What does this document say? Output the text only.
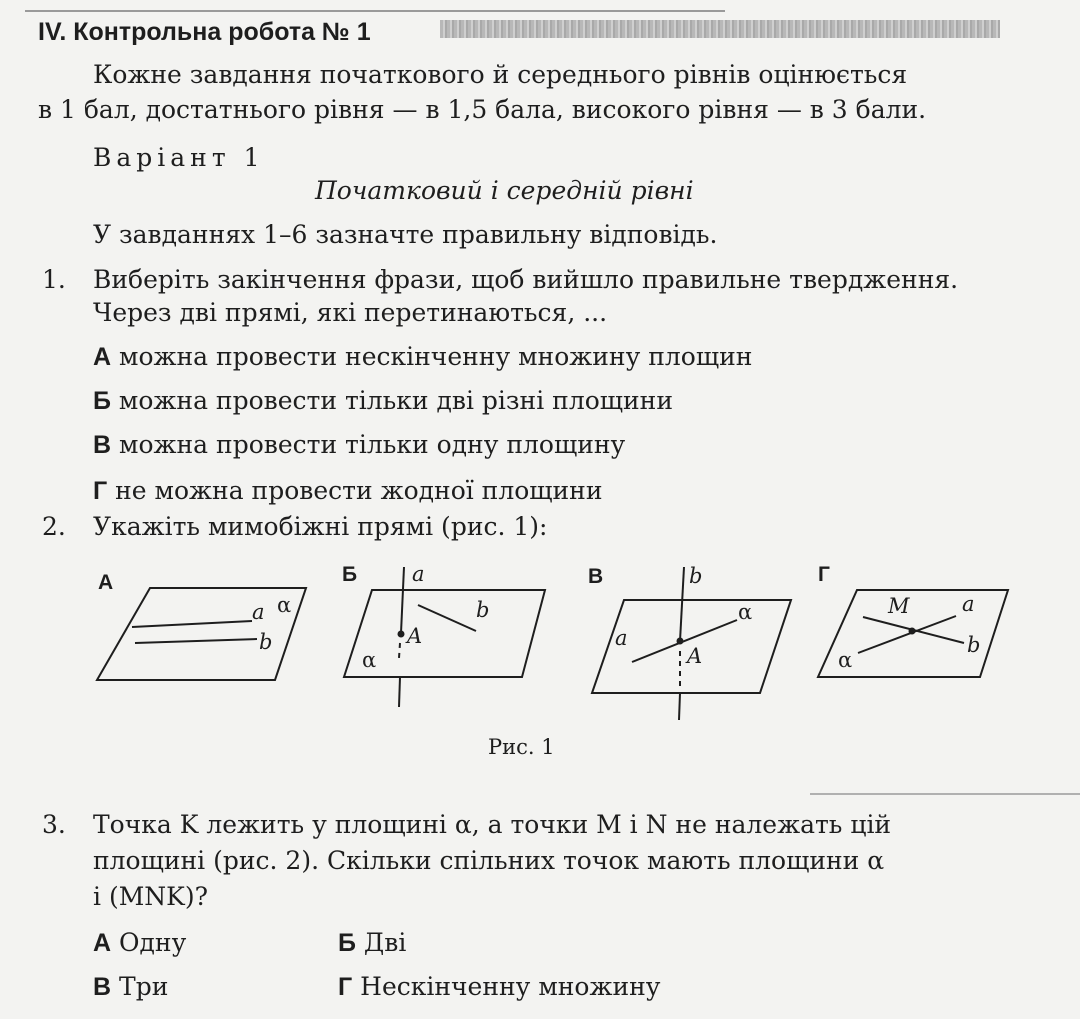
IV. Контрольна робота № 1
Кожне завдання початкового й середнього рівнів оцінюється
в 1 бал, достатнього рівня — в 1,5 бала, високого рівня — в 3 бали.
Варіант 1
Початковий і середній рівні
У завданнях 1–6 зазначте правильну відповідь.
1. Виберіть закінчення фрази, щоб вийшло правильне твердження.
Через дві прямі, які перетинаються, ...
А можна провести нескінченну множину площин
Б можна провести тільки дві різні площини
В можна провести тільки одну площину
Г не можна провести жодної площини
2. Укажіть мимобіжні прямі (рис. 1):
А
a α
b
Б	a
b
A
α
В	b
α
a
A
Г
M a
b
α
Рис. 1
3. Точка K лежить у площині α, а точки M і N не належать цій
площині (рис. 2). Скільки спільних точок мають площини α
і (MNK)?
А Одну	Б Дві
В Три	Г Нескінченну множину
